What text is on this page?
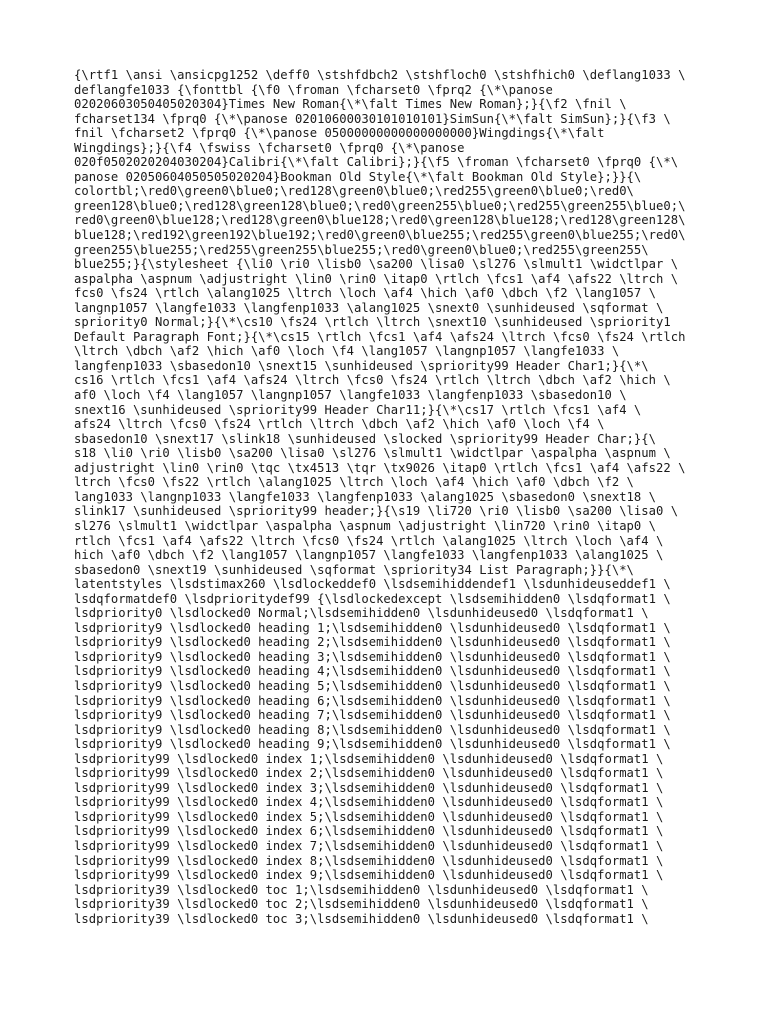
{\rtf1 \ansi \ansicpg1252 \deff0 \stshfdbch2 \stshfloch0 \stshfhich0 \deflang1033 \
deflangfe1033 {\fonttbl {\f0 \froman \fcharset0 \fprq2 {\*\panose
02020603050405020304}Times New Roman{\*\falt Times New Roman};}{\f2 \fnil \
fcharset134 \fprq0 {\*\panose 02010600030101010101}SimSun{\*\falt SimSun};}{\f3 \
fnil \fcharset2 \fprq0 {\*\panose 05000000000000000000}Wingdings{\*\falt
Wingdings};}{\f4 \fswiss \fcharset0 \fprq0 {\*\panose
020f0502020204030204}Calibri{\*\falt Calibri};}{\f5 \froman \fcharset0 \fprq0 {\*\
panose 02050604050505020204}Bookman Old Style{\*\falt Bookman Old Style};}}{\
colortbl;\red0\green0\blue0;\red128\green0\blue0;\red255\green0\blue0;\red0\
green128\blue0;\red128\green128\blue0;\red0\green255\blue0;\red255\green255\blue0;\
red0\green0\blue128;\red128\green0\blue128;\red0\green128\blue128;\red128\green128\
blue128;\red192\green192\blue192;\red0\green0\blue255;\red255\green0\blue255;\red0\
green255\blue255;\red255\green255\blue255;\red0\green0\blue0;\red255\green255\
blue255;}{\stylesheet {\li0 \ri0 \lisb0 \sa200 \lisa0 \sl276 \slmult1 \widctlpar \
aspalpha \aspnum \adjustright \lin0 \rin0 \itap0 \rtlch \fcs1 \af4 \afs22 \ltrch \
fcs0 \fs24 \rtlch \alang1025 \ltrch \loch \af4 \hich \af0 \dbch \f2 \lang1057 \
langnp1057 \langfe1033 \langfenp1033 \alang1025 \snext0 \sunhideused \sqformat \
spriority0 Normal;}{\*\cs10 \fs24 \rtlch \ltrch \snext10 \sunhideused \spriority1
Default Paragraph Font;}{\*\cs15 \rtlch \fcs1 \af4 \afs24 \ltrch \fcs0 \fs24 \rtlch
\ltrch \dbch \af2 \hich \af0 \loch \f4 \lang1057 \langnp1057 \langfe1033 \
langfenp1033 \sbasedon10 \snext15 \sunhideused \spriority99 Header Char1;}{\*\
cs16 \rtlch \fcs1 \af4 \afs24 \ltrch \fcs0 \fs24 \rtlch \ltrch \dbch \af2 \hich \
af0 \loch \f4 \lang1057 \langnp1057 \langfe1033 \langfenp1033 \sbasedon10 \
snext16 \sunhideused \spriority99 Header Char11;}{\*\cs17 \rtlch \fcs1 \af4 \
afs24 \ltrch \fcs0 \fs24 \rtlch \ltrch \dbch \af2 \hich \af0 \loch \f4 \
sbasedon10 \snext17 \slink18 \sunhideused \slocked \spriority99 Header Char;}{\
s18 \li0 \ri0 \lisb0 \sa200 \lisa0 \sl276 \slmult1 \widctlpar \aspalpha \aspnum \
adjustright \lin0 \rin0 \tqc \tx4513 \tqr \tx9026 \itap0 \rtlch \fcs1 \af4 \afs22 \
ltrch \fcs0 \fs22 \rtlch \alang1025 \ltrch \loch \af4 \hich \af0 \dbch \f2 \
lang1033 \langnp1033 \langfe1033 \langfenp1033 \alang1025 \sbasedon0 \snext18 \
slink17 \sunhideused \spriority99 header;}{\s19 \li720 \ri0 \lisb0 \sa200 \lisa0 \
sl276 \slmult1 \widctlpar \aspalpha \aspnum \adjustright \lin720 \rin0 \itap0 \
rtlch \fcs1 \af4 \afs22 \ltrch \fcs0 \fs24 \rtlch \alang1025 \ltrch \loch \af4 \
hich \af0 \dbch \f2 \lang1057 \langnp1057 \langfe1033 \langfenp1033 \alang1025 \
sbasedon0 \snext19 \sunhideused \sqformat \spriority34 List Paragraph;}}{\*\
latentstyles \lsdstimax260 \lsdlockeddef0 \lsdsemihiddendef1 \lsdunhideuseddef1 \
lsdqformatdef0 \lsdprioritydef99 {\lsdlockedexcept \lsdsemihidden0 \lsdqformat1 \
lsdpriority0 \lsdlocked0 Normal;\lsdsemihidden0 \lsdunhideused0 \lsdqformat1 \
lsdpriority9 \lsdlocked0 heading 1;\lsdsemihidden0 \lsdunhideused0 \lsdqformat1 \
lsdpriority9 \lsdlocked0 heading 2;\lsdsemihidden0 \lsdunhideused0 \lsdqformat1 \
lsdpriority9 \lsdlocked0 heading 3;\lsdsemihidden0 \lsdunhideused0 \lsdqformat1 \
lsdpriority9 \lsdlocked0 heading 4;\lsdsemihidden0 \lsdunhideused0 \lsdqformat1 \
lsdpriority9 \lsdlocked0 heading 5;\lsdsemihidden0 \lsdunhideused0 \lsdqformat1 \
lsdpriority9 \lsdlocked0 heading 6;\lsdsemihidden0 \lsdunhideused0 \lsdqformat1 \
lsdpriority9 \lsdlocked0 heading 7;\lsdsemihidden0 \lsdunhideused0 \lsdqformat1 \
lsdpriority9 \lsdlocked0 heading 8;\lsdsemihidden0 \lsdunhideused0 \lsdqformat1 \
lsdpriority9 \lsdlocked0 heading 9;\lsdsemihidden0 \lsdunhideused0 \lsdqformat1 \
lsdpriority99 \lsdlocked0 index 1;\lsdsemihidden0 \lsdunhideused0 \lsdqformat1 \
lsdpriority99 \lsdlocked0 index 2;\lsdsemihidden0 \lsdunhideused0 \lsdqformat1 \
lsdpriority99 \lsdlocked0 index 3;\lsdsemihidden0 \lsdunhideused0 \lsdqformat1 \
lsdpriority99 \lsdlocked0 index 4;\lsdsemihidden0 \lsdunhideused0 \lsdqformat1 \
lsdpriority99 \lsdlocked0 index 5;\lsdsemihidden0 \lsdunhideused0 \lsdqformat1 \
lsdpriority99 \lsdlocked0 index 6;\lsdsemihidden0 \lsdunhideused0 \lsdqformat1 \
lsdpriority99 \lsdlocked0 index 7;\lsdsemihidden0 \lsdunhideused0 \lsdqformat1 \
lsdpriority99 \lsdlocked0 index 8;\lsdsemihidden0 \lsdunhideused0 \lsdqformat1 \
lsdpriority99 \lsdlocked0 index 9;\lsdsemihidden0 \lsdunhideused0 \lsdqformat1 \
lsdpriority39 \lsdlocked0 toc 1;\lsdsemihidden0 \lsdunhideused0 \lsdqformat1 \
lsdpriority39 \lsdlocked0 toc 2;\lsdsemihidden0 \lsdunhideused0 \lsdqformat1 \
lsdpriority39 \lsdlocked0 toc 3;\lsdsemihidden0 \lsdunhideused0 \lsdqformat1 \
